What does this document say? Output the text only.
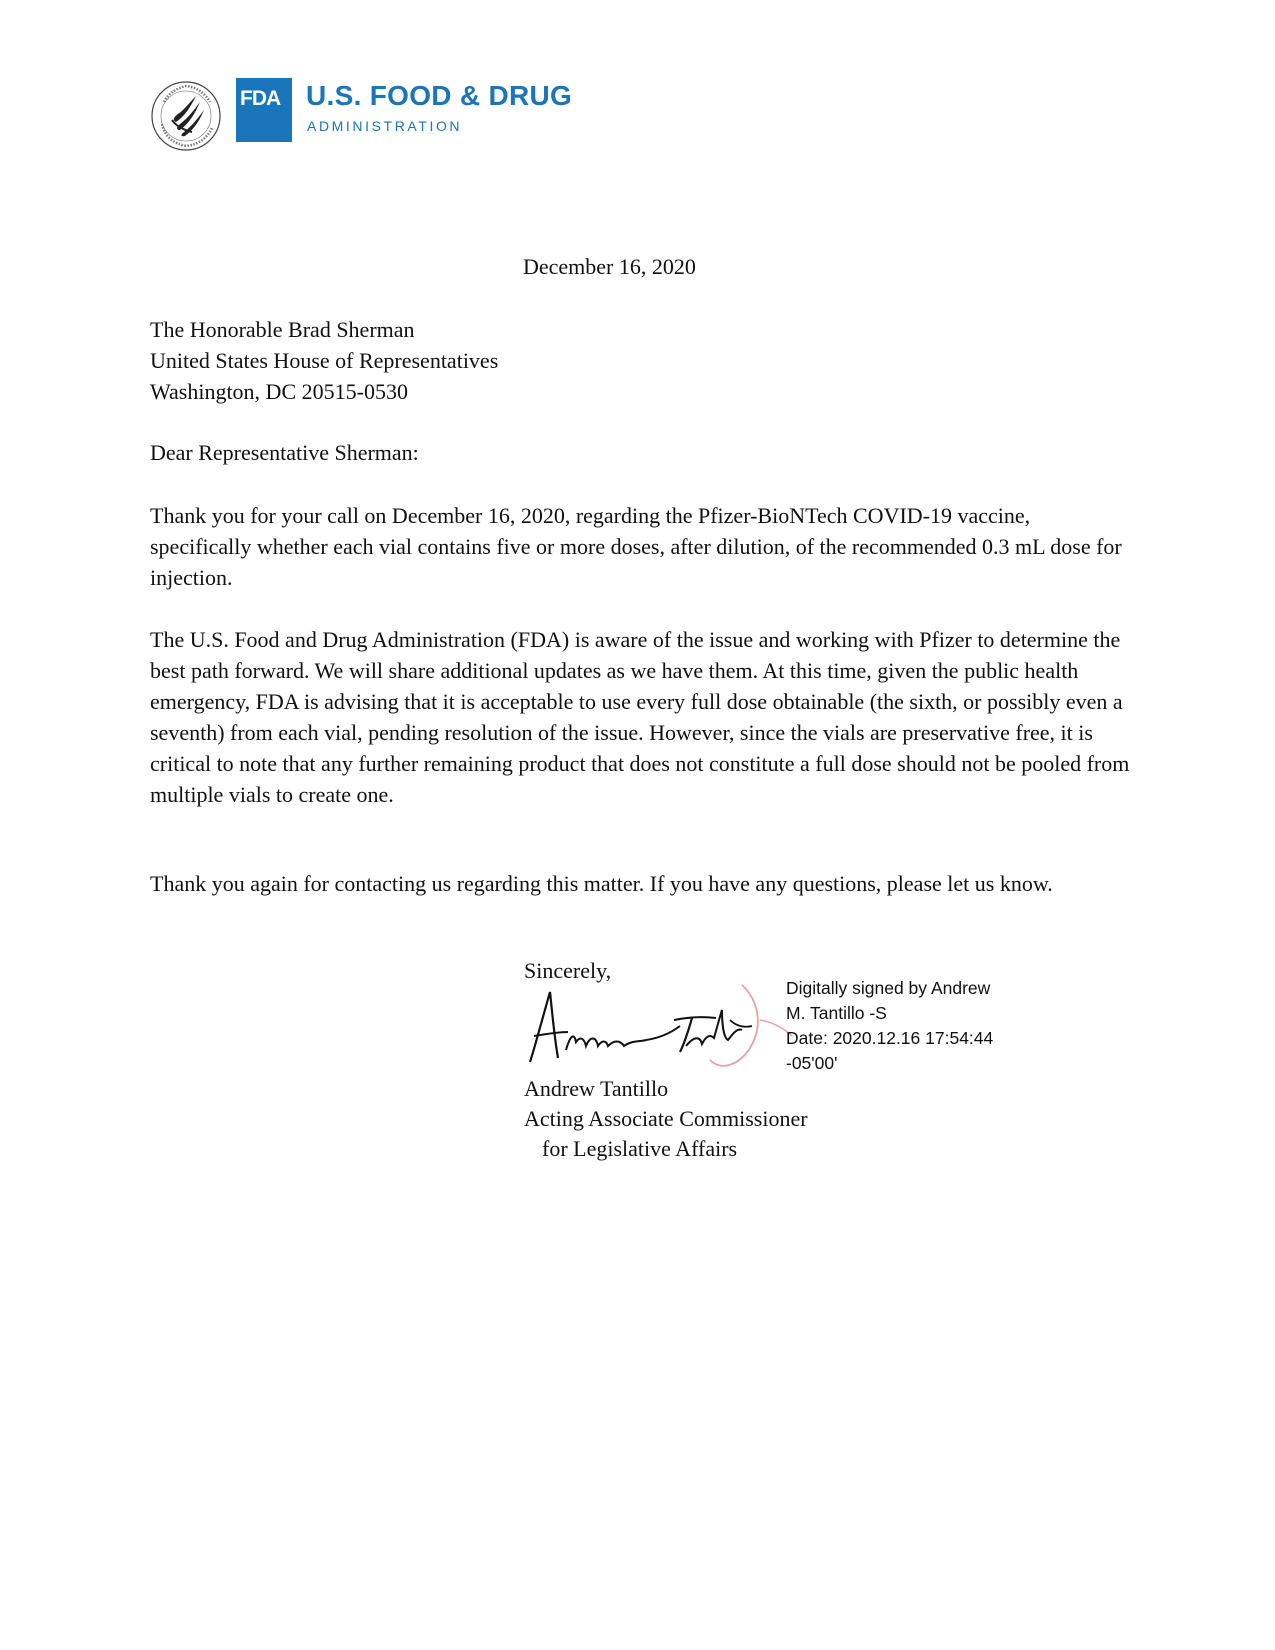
FDA U.S. FOOD & DRUG
ADMINISTRATION
December 16, 2020
The Honorable Brad Sherman
United States House of Representatives
Washington, DC 20515-0530
Dear Representative Sherman:
Thank you for your call on December 16, 2020, regarding the Pfizer-BioNTech COVID-19 vaccine, specifically whether each vial contains five or more doses, after dilution, of the recommended 0.3 mL dose for injection.
The U.S. Food and Drug Administration (FDA) is aware of the issue and working with Pfizer to determine the best path forward. We will share additional updates as we have them. At this time, given the public health emergency, FDA is advising that it is acceptable to use every full dose obtainable (the sixth, or possibly even a seventh) from each vial, pending resolution of the issue. However, since the vials are preservative free, it is critical to note that any further remaining product that does not constitute a full dose should not be pooled from multiple vials to create one.
Thank you again for contacting us regarding this matter. If you have any questions, please let us know.
Sincerely,
Digitally signed by Andrew
M. Tantillo -S
Date: 2020.12.16 17:54:44
-05'00'
Andrew Tantillo
Acting Associate Commissioner
for Legislative Affairs
